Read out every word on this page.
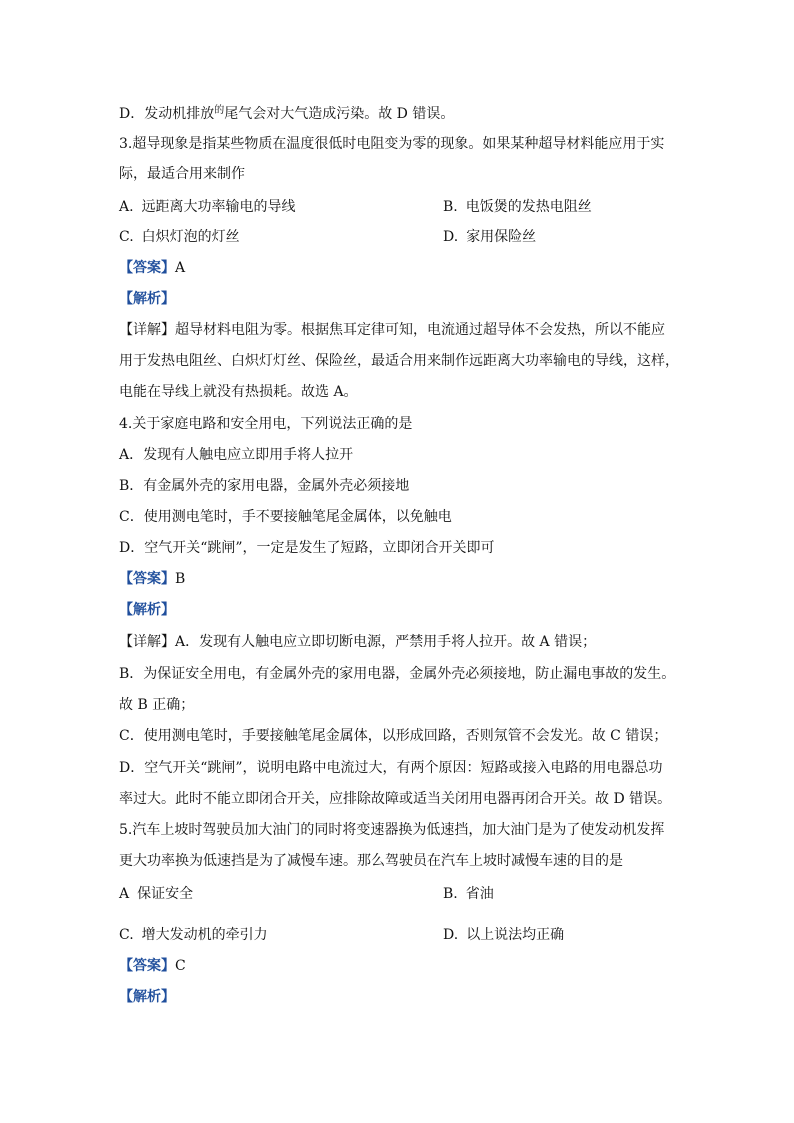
D．发动机排放$^的$尾气会对大气造成污染。故 D 错误。
3.超导现象是指某些物质在温度很低时电阻变为零的现象。如果某种超导材料能应用于实
际，最适合用来制作
A. 远距离大功率输电的导线	B. 电饭煲的发热电阻丝
C. 白炽灯泡的灯丝	D. 家用保险丝
【答案】A
【解析】
【详解】超导材料电阻为零。根据焦耳定律可知，电流通过超导体不会发热，所以不能应
用于发热电阻丝、白炽灯灯丝、保险丝，最适合用来制作远距离大功率输电的导线，这样，
电能在导线上就没有热损耗。故选 A。
4.关于家庭电路和安全用电，下列说法正确的是
A．发现有人触电应立即用手将人拉开
B．有金属外壳的家用电器，金属外壳必须接地
C．使用测电笔时，手不要接触笔尾金属体，以免触电
D．空气开关“跳闸”，一定是发生了短路，立即闭合开关即可
【答案】B
【解析】
【详解】A．发现有人触电应立即切断电源，严禁用手将人拉开。故 A 错误；
B．为保证安全用电，有金属外壳的家用电器，金属外壳必须接地，防止漏电事故的发生。
故 B 正确；
C．使用测电笔时，手要接触笔尾金属体，以形成回路，否则氖管不会发光。故 C 错误；
D．空气开关“跳闸”，说明电路中电流过大，有两个原因：短路或接入电路的用电器总功
率过大。此时不能立即闭合开关，应排除故障或适当关闭用电器再闭合开关。故 D 错误。
5.汽车上坡时驾驶员加大油门的同时将变速器换为低速挡，加大油门是为了使发动机发挥
更大功率换为低速挡是为了减慢车速。那么驾驶员在汽车上坡时减慢车速的目的是
A 保证安全	B. 省油
C. 增大发动机的牵引力	D. 以上说法均正确
【答案】C
【解析】
